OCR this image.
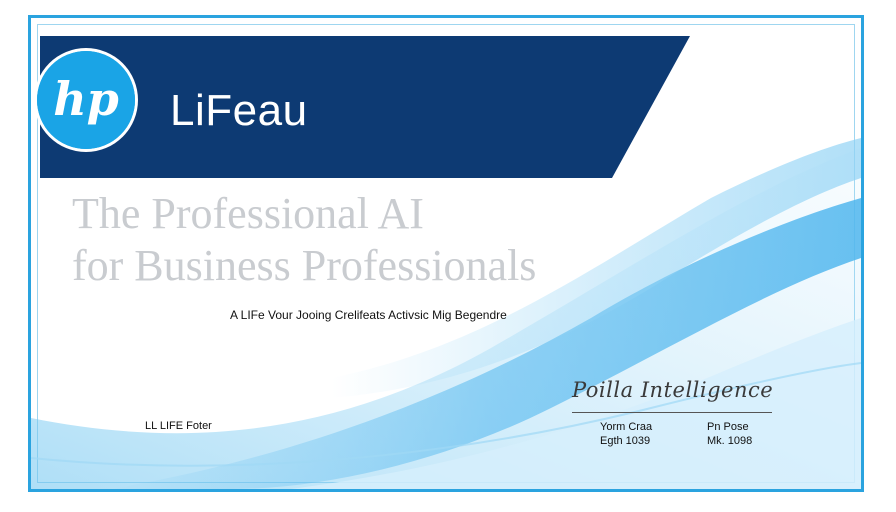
hp LiFeau
The Professional AI
for Business Professionals
A LIFe Vour Jooing Crelifeats Activsic Mig Begendre
LL LIFE Foter
Poilla Intelligence
Yorm Craa
Egth 1039
Pn Pose
Mk. 1098
